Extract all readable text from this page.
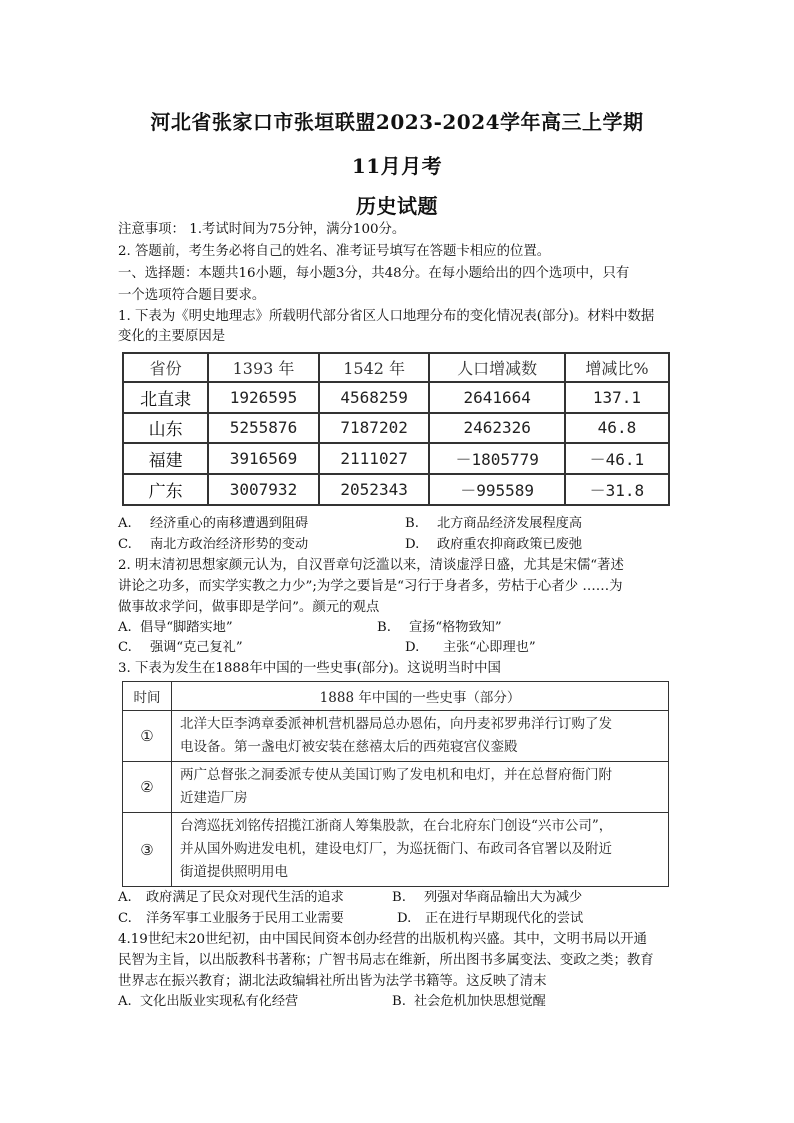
河北省张家口市张垣联盟2023-2024学年高三上学期
11月月考
历史试题
注意事项： 1.考试时间为75分钟，满分100分。
2. 答题前，考生务必将自己的姓名、准考证号填写在答题卡相应的位置。
一、选择题：本题共16小题，每小题3分，共48分。在每小题给出的四个选项中，只有
一个选项符合题目要求。
1. 下表为《明史地理志》所载明代部分省区人口地理分布的变化情况表(部分)。材料中数据
变化的主要原因是
省份	1393 年	1542 年	人口增减数	增减比%
北直隶	1926595	4568259	2641664	137.1
山东	5255876	7187202	2462326	46.8
福建	3916569	2111027	－1805779	－46.1
广东	3007932	2052343	－995589	－31.8
A. 经济重心的南移遭遇到阻碍	B. 北方商品经济发展程度高
C. 南北方政治经济形势的变动	D. 政府重农抑商政策已废弛
2. 明末清初思想家颜元认为，自汉晋章句泛滥以来，清谈虚浮日盛，尤其是宋儒“著述
讲论之功多，而实学实教之力少”;为学之要旨是“习行于身者多，劳枯于心者少 ……为
做事故求学问，做事即是学问”。颜元的观点
A. 倡导“脚踏实地”	B. 宣扬“格物致知”
C. 强调“克己复礼”	D. 主张“心即理也”
3. 下表为发生在1888年中国的一些史事(部分)。这说明当时中国
时间	1888 年中国的一些史事（部分）
①	北洋大臣李鸿章委派神机营机器局总办恩佑，向丹麦祁罗弗洋行订购了发
电设备。第一盏电灯被安装在慈禧太后的西苑寝宫仪銮殿

②	两广总督张之洞委派专使从美国订购了发电机和电灯，并在总督府衙门附
近建造厂房

③	台湾巡抚刘铭传招揽江浙商人筹集股款，在台北府东门创设“兴市公司”，
并从国外购进发电机，建设电灯厂，为巡抚衙门、布政司各官署以及附近
街道提供照明用电
A. 政府满足了民众对现代生活的追求	B. 列强对华商品输出大为减少
C. 洋务军事工业服务于民用工业需要	D. 正在进行早期现代化的尝试
4.19世纪末20世纪初，由中国民间资本创办经营的出版机构兴盛。其中，文明书局以开通
民智为主旨，以出版教科书著称；广智书局志在维新，所出图书多属变法、变政之类；教育
世界志在振兴教育；湖北法政编辑社所出皆为法学书籍等。这反映了清末
A. 文化出版业实现私有化经营	B. 社会危机加快思想觉醒
